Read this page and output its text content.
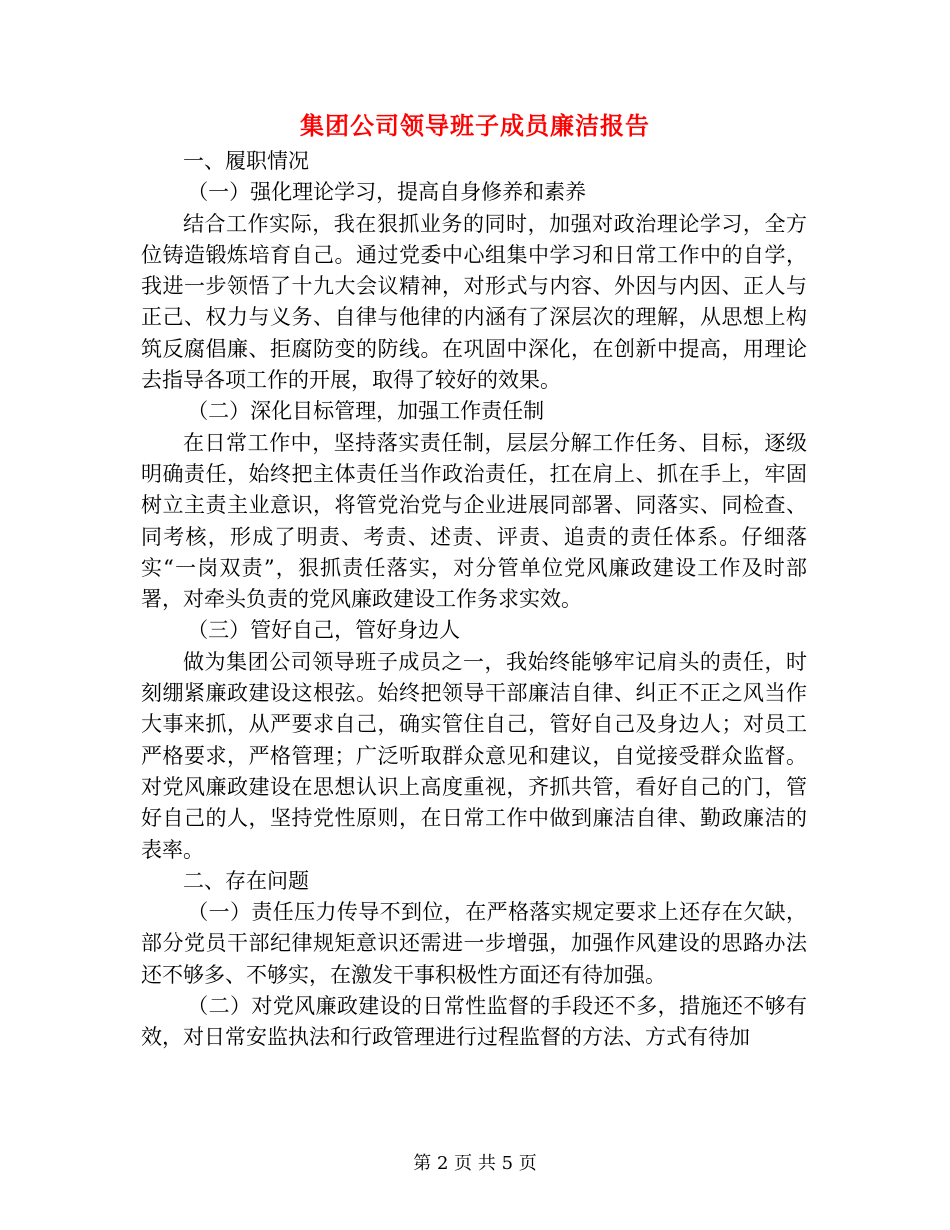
集团公司领导班子成员廉洁报告

一、履职情况

（一）强化理论学习，提高自身修养和素养

结合工作实际，我在狠抓业务的同时，加强对政治理论学习，全方位铸造锻炼培育自己。通过党委中心组集中学习和日常工作中的自学，我进一步领悟了十九大会议精神，对形式与内容、外因与内因、正人与正己、权力与义务、自律与他律的内涵有了深层次的理解，从思想上构筑反腐倡廉、拒腐防变的防线。在巩固中深化，在创新中提高，用理论去指导各项工作的开展，取得了较好的效果。

（二）深化目标管理，加强工作责任制

在日常工作中，坚持落实责任制，层层分解工作任务、目标，逐级明确责任，始终把主体责任当作政治责任，扛在肩上、抓在手上，牢固树立主责主业意识，将管党治党与企业进展同部署、同落实、同检查、同考核，形成了明责、考责、述责、评责、追责的责任体系。仔细落实“一岗双责”，狠抓责任落实，对分管单位党风廉政建设工作及时部署，对牵头负责的党风廉政建设工作务求实效。

（三）管好自己，管好身边人

做为集团公司领导班子成员之一，我始终能够牢记肩头的责任，时刻绷紧廉政建设这根弦。始终把领导干部廉洁自律、纠正不正之风当作大事来抓，从严要求自己，确实管住自己，管好自己及身边人；对员工严格要求，严格管理；广泛听取群众意见和建议，自觉接受群众监督。对党风廉政建设在思想认识上高度重视，齐抓共管，看好自己的门，管好自己的人，坚持党性原则，在日常工作中做到廉洁自律、勤政廉洁的表率。

二、存在问题

（一）责任压力传导不到位，在严格落实规定要求上还存在欠缺，部分党员干部纪律规矩意识还需进一步增强，加强作风建设的思路办法还不够多、不够实，在激发干事积极性方面还有待加强。

（二）对党风廉政建设的日常性监督的手段还不多，措施还不够有效，对日常安监执法和行政管理进行过程监督的方法、方式有待加

第 2 页 共 5 页
